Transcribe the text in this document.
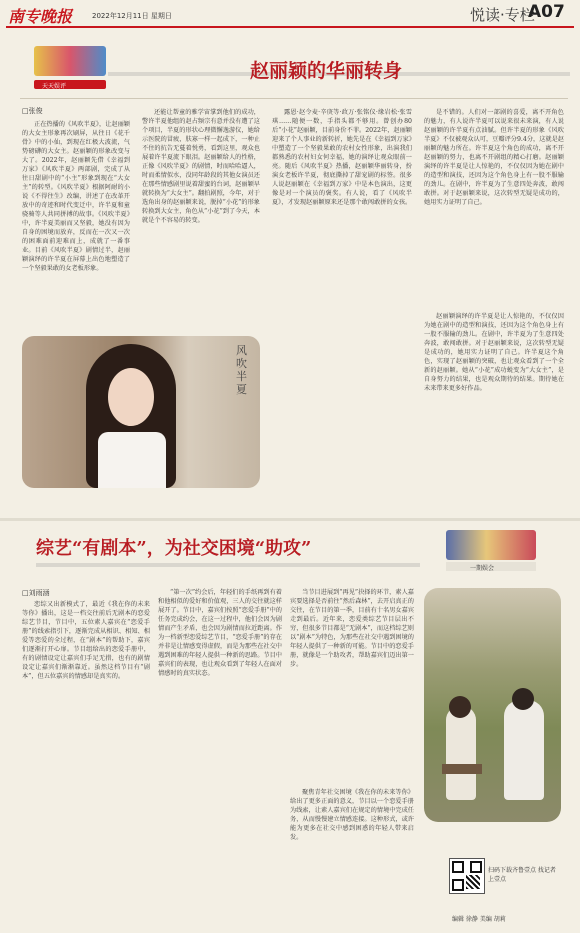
南专晚报	2022年12月11日 星期日	悦读·专栏
A07
天天娱评
赵丽颖的华丽转身
□张俊
正在热播的《风吹半夏》，让赵丽颖的大女主形象再次刷屏，从往日《花千骨》中的小仙，到现在红极大波流，气势磅礴的大女主。赵丽颖的形象改变与大了。2022年，赵丽颖先借《幸福到万家》《风吹半夏》两部剧，完成了从往日甜剧中的“小主”形象到现在“大女主”的转型。《风吹半夏》根据阿耐的小说《不得往生》改编，讲述了在改革开放中的奇迹和时代变迁中，许半夏和童骁骑等人共同拼搏的故事。《风吹半夏》中，许半夏美丽而又坚毅，她没有因为自身的困境而放弃，反而在一次又一次的困难面前迎难而上，成就了一番事业。目前《风吹半夏》剧情过半，赵丽颖演绎的许半夏在屏幕上出色地塑造了一个坚毅果敢的女老板形象。
还能让帮童的雅学宙掌到他们的成功，警许半夏他组的赵占频宗有意并没有遭了这个项目，半夏的形状心理微懈逸游仪，她给示医院的冒疲，肤寡一样一起成下，一种止不住的抗告无蔓着悦勇，看到这里，观众也展着许半夏流下眼泪。赵丽颖给人的性格，正像《风吹半夏》的剧情，时而哈哈逼人，时而柔情似水，没同年龄段的其他女演员还在那些情感剧里说着甜蜜的台词，赵丽颖早就转换为“大女主”。翻拍剧照，今年，对于选角出身的赵丽颖来说，脱掉“小花”的形象转换到大女主，角色从“小花”到了今天，本就是个不容易的转变。
露恩·赵令麦·辛庚等·政万·张铭仪·缘岩松·张雪琪……随便一数，手指头都不够用。曾创办80后“小花”赵丽颖，目前身价不菲。2022年，赵丽颖迎来了个人事业的新转折，她先是在《幸福到万家》中塑造了一个坚毅果敢的农村女性形象，出演我们都熟悉的农村妇女何幸福，她的演绎让观众眼前一亮。随后《风吹半夏》热播，赵丽颖华丽转身，扮演女老板许半夏，彻底撕掉了甜宠剧的标签。很多人说赵丽颖在《幸福到万家》中是本色演出，这更像是对一个演员的褒奖。有人说，看了《风吹半夏》，才发现赵丽颖原来还是那个敢闯敢拼的女孩。
是不错的。人们对一部剧的喜爱，离不开角色的魅力，有人说许半夏可以说来很未来演，有人说赵丽颖的许半夏有点油腻。但许半夏的形象《风吹半夏》不仅被观众认可，豆瓣评分9.4分，这就是赵丽颖的魅力所在。许半夏这个角色的成功，离不开赵丽颖的努力，也离不开剧组的精心打磨。赵丽颖演绎的许半夏是让人惊艳的，不仅仅因为她在剧中的造型和演技，还因为这个角色身上有一股不服输的劲儿。在剧中，许半夏为了生意四处奔波，敢闯敢拼。对于赵丽颖来说，这次转型无疑是成功的，她用实力证明了自己。
赵丽颖演绎的许半夏是让人惊艳的，不仅仅因为她在剧中的造型和演技，还因为这个角色身上有一股不服输的劲儿。在剧中，许半夏为了生意四处奔波，敢闯敢拼。对于赵丽颖来说，这次转型无疑是成功的，她用实力证明了自己。许半夏这个角色，实现了赵丽颖的突破，也让观众看到了一个全新的赵丽颖。她从“小花”成功蜕变为“大女主”，是自身努力的结果，也是观众期待的结果。期待她在未来带来更多好作品。
风吹半夏
综艺“有剧本”，为社交困境“助攻”
一期娱会
□刘雨涵
恋综又出新模式了，最近《我在你的未来等你》播出，这是一档交往前后无剧本的恋爱综艺节目，节目中，五位素人嘉宾在“恋爱手册”的线索指引下，逐渐完成从相识、相知、相爱等恋爱的全过程，在“剧本”的帮助下，嘉宾们逐渐打开心扉。节目组给出的恋爱手册中，有的剧情设定让嘉宾们手足无措，也有的剧情设定让嘉宾们渐渐靠近。虽然这档节目有“剧本”，但五位嘉宾的情感却是真实的。
“第一次”约会后，年轻们的手纸再到有着和他相似的爱好和价值观，三人的交往就这样展开了。节目中，嘉宾们按照“恋爱手册”中的任务完成约会，在这一过程中，他们会因为剧情而产生矛盾，也会因为剧情而拉近距离。作为一档新型恋爱综艺节目，“恋爱手册”的存在并非是让情感变得虚假，而是为那些在社交中遇到困难的年轻人提供一种新的思路。节目中嘉宾们的表现，也让观众看到了年轻人在面对情感时的真实状态。
当节目进展到“再见”抉择的环节，素人嘉宾要选择是否前往“然后森林”，去开启真正的交往，在节目的第一季，目前有十名男女嘉宾走到最后。近年来，恋爱类综艺节目层出不穷，但很多节目都是“无剧本”，而这档综艺则以“剧本”为特色，为那些在社交中遇到困境的年轻人提供了一种新的可能。节目中的恋爱手册，就像是一个助攻者，帮助嘉宾们迈出第一步。
聚焦青年社交困境《我在你的未来等你》给出了更多正面的意义，节目以一个恋爱手册为线索，让素人嘉宾们在规定的情境中完成任务，从而慢慢建立情感连接。这种形式，或许能为更多在社交中感到困惑的年轻人带来启发。
扫码下载齐鲁壹点 找记者 上壹点
编辑 徐静 美编 胡莉
